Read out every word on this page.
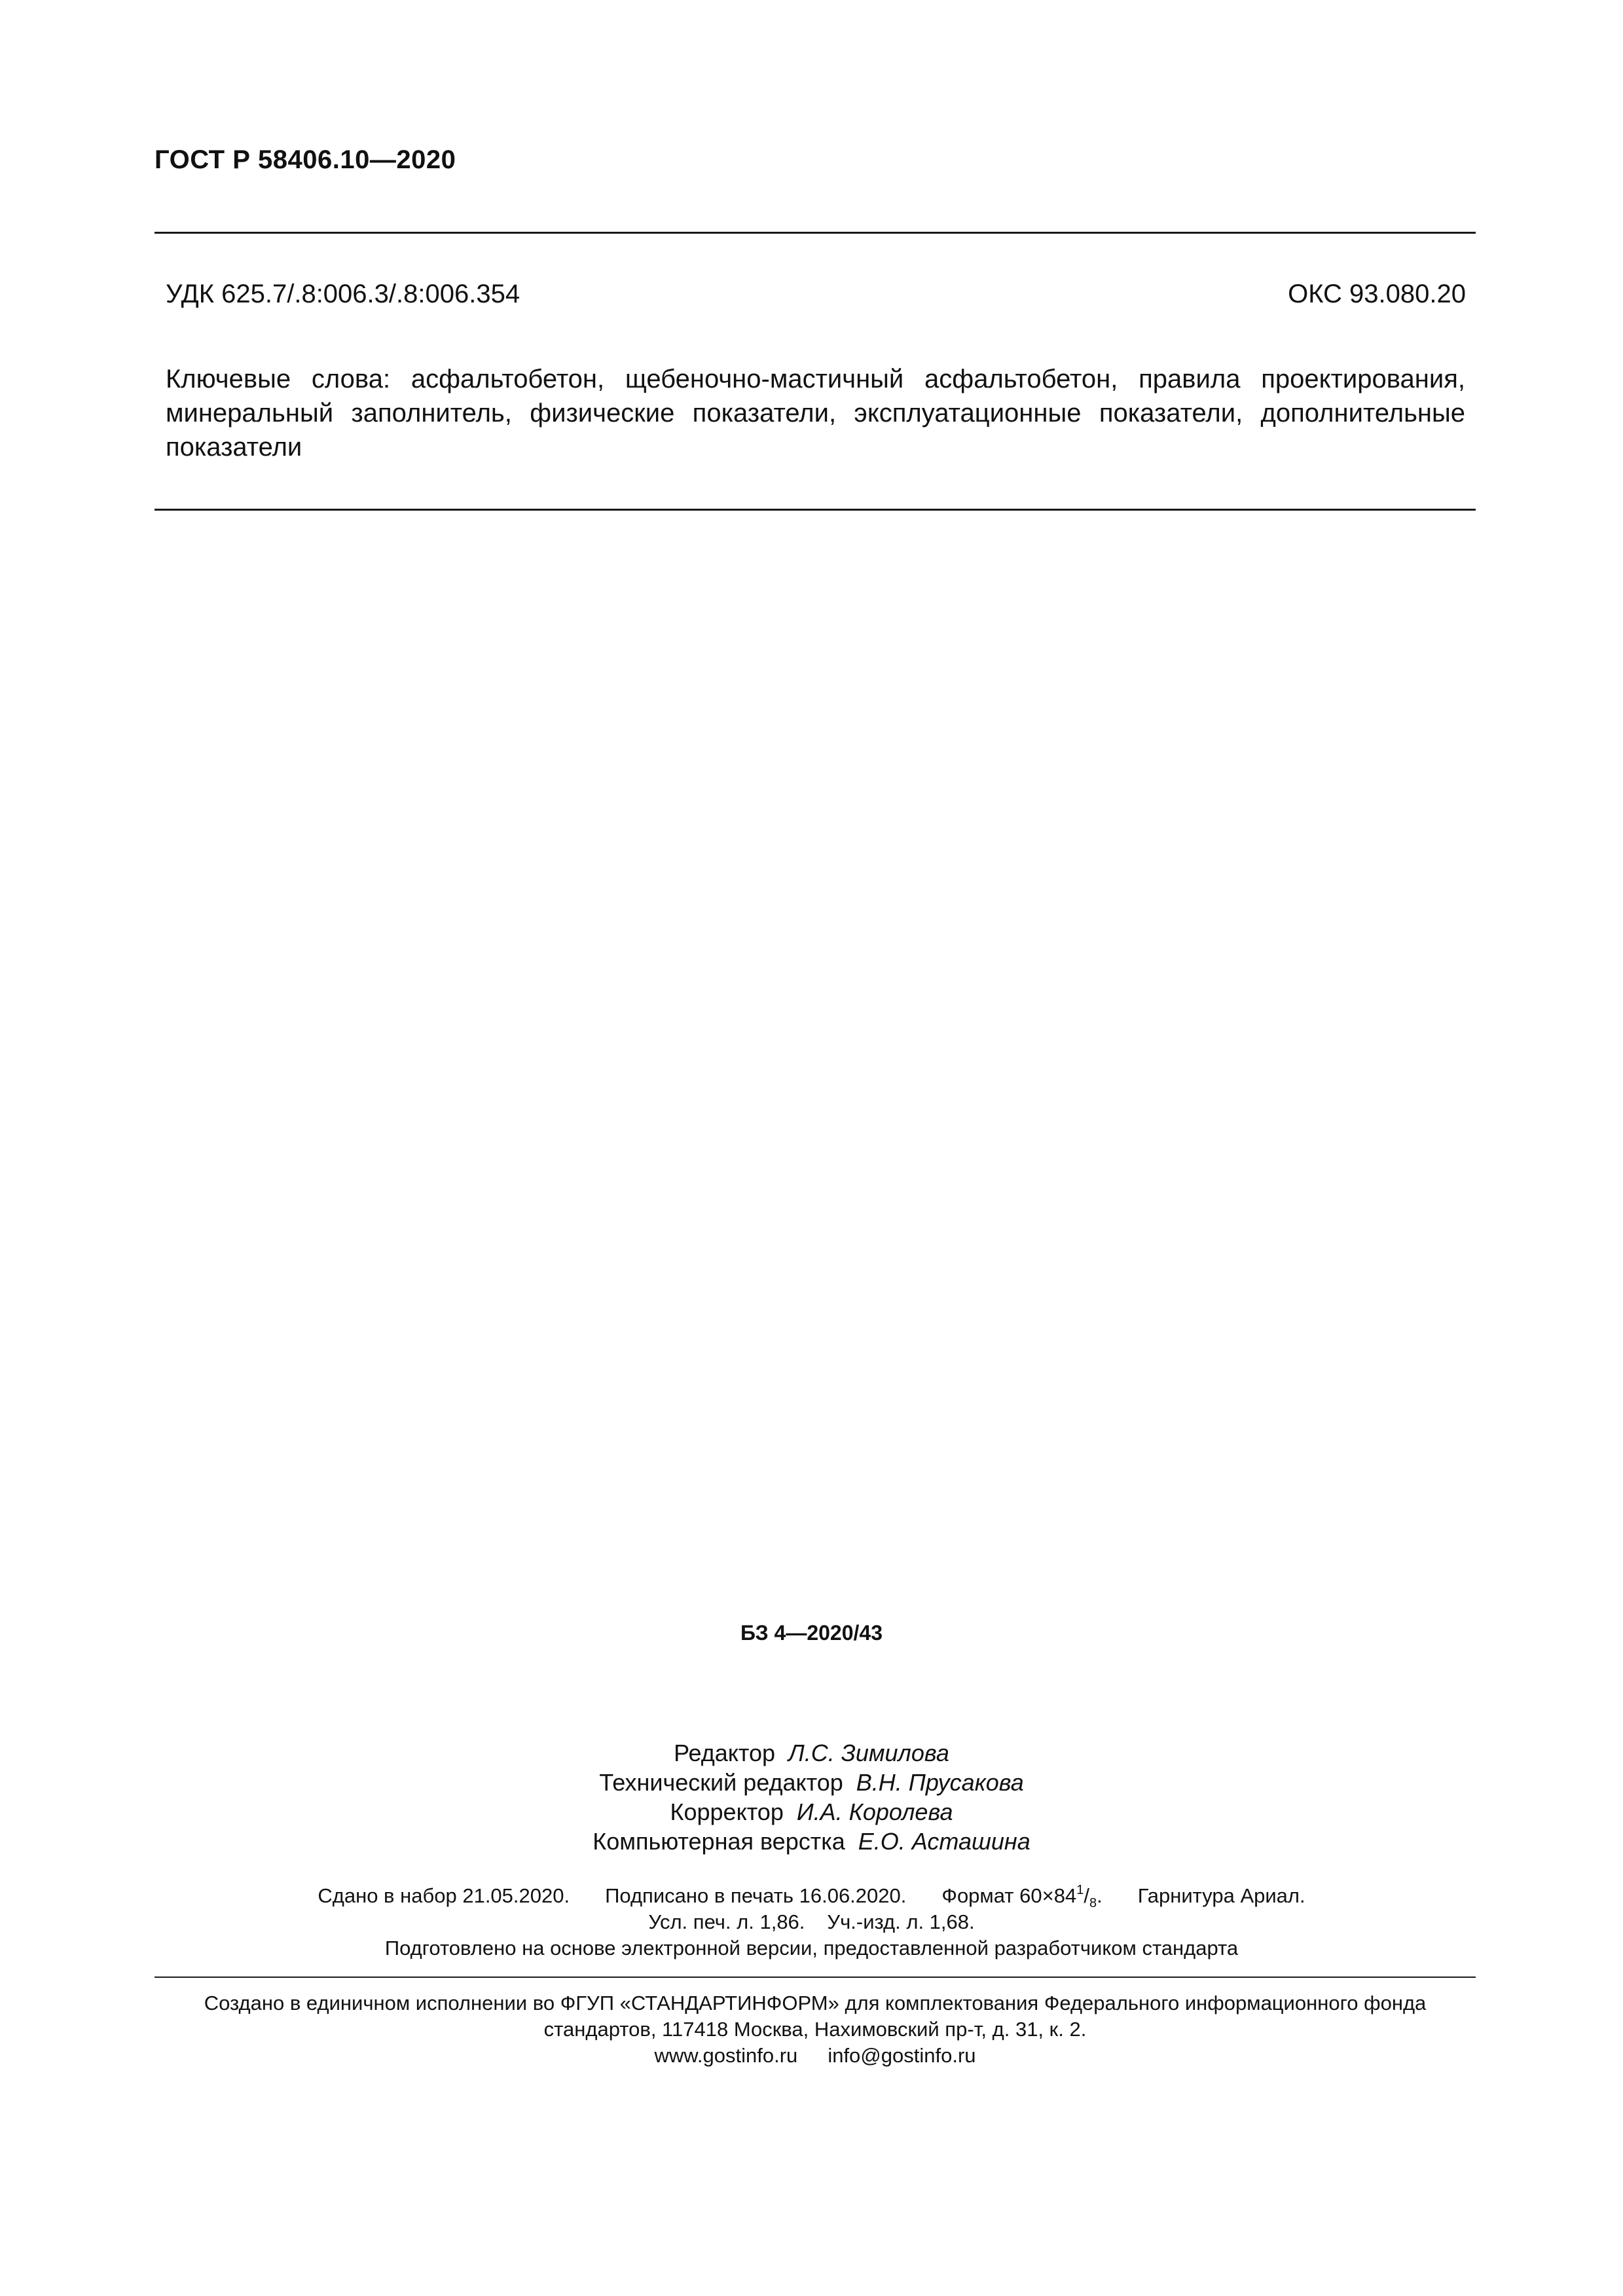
ГОСТ Р 58406.10—2020
УДК 625.7/.8:006.3/.8:006.354	ОКС 93.080.20
Ключевые слова: асфальтобетон, щебеночно-мастичный асфальтобетон, правила проектирования,
минеральный заполнитель, физические показатели, эксплуатационные показатели, дополнительные
показатели
БЗ 4—2020/43
Редактор Л.С. Зимилова
Технический редактор В.Н. Прусакова
Корректор И.А. Королева
Компьютерная верстка Е.О. Асташина
Сдано в набор 21.05.2020. Подписано в печать 16.06.2020. Формат $60\times 84^1/_8$. Гарнитура Ариал.
Усл. печ. л. 1,86. Уч.-изд. л. 1,68.
Подготовлено на основе электронной версии, предоставленной разработчиком стандарта
Создано в единичном исполнении во ФГУП «СТАНДАРТИНФОРМ» для комплектования Федерального информационного фонда
стандартов, 117418 Москва, Нахимовский пр-т, д. 31, к. 2.
www.gostinfo.ru info@gostinfo.ru
